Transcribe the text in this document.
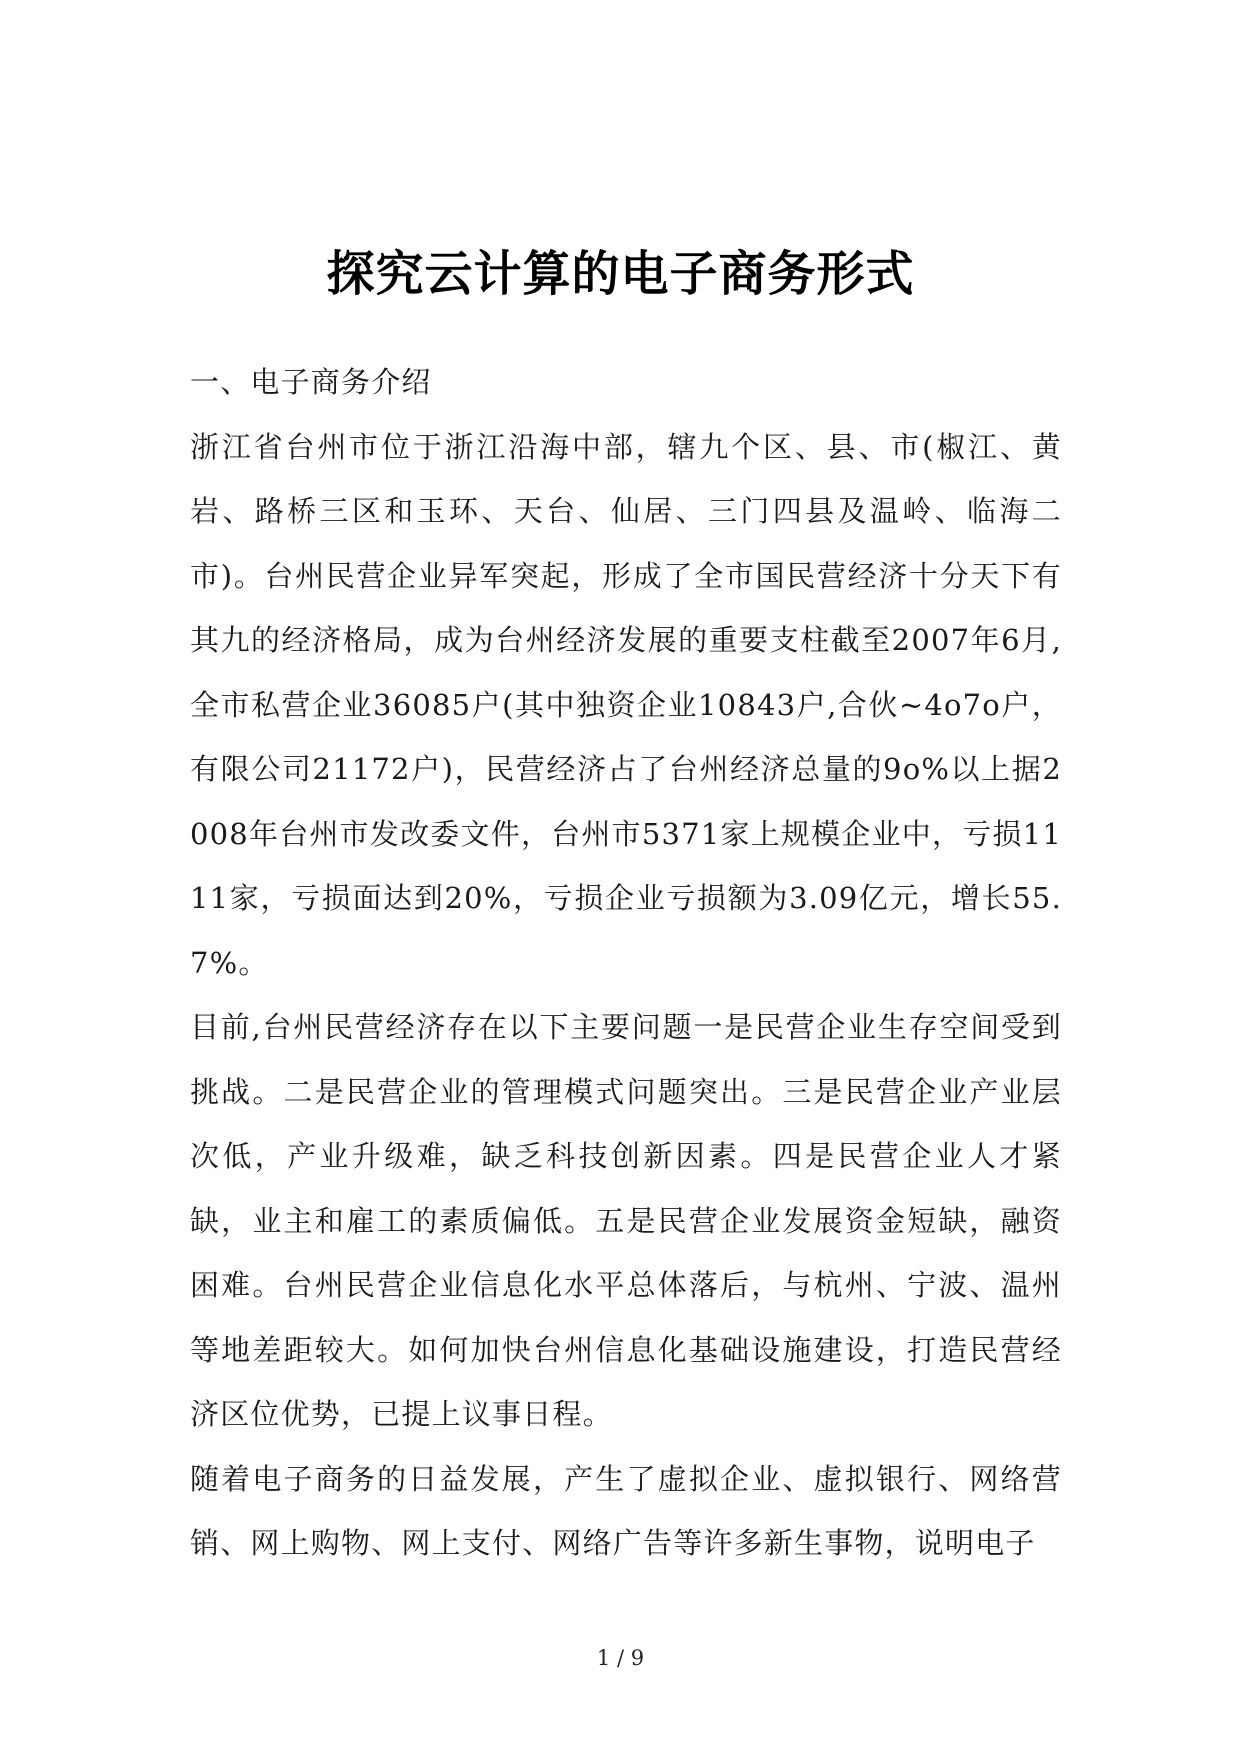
探究云计算的电子商务形式

一、电子商务介绍

浙江省台州市位于浙江沿海中部，辖九个区、县、市(椒江、黄岩、路桥三区和玉环、天台、仙居、三门四县及温岭、临海二市)。台州民营企业异军突起，形成了全市国民营经济十分天下有其九的经济格局，成为台州经济发展的重要支柱截至2007年6月,全市私营企业36085户(其中独资企业10843户,合伙~4o7o户，有限公司21172户)，民营经济占了台州经济总量的9o%以上据2008年台州市发改委文件，台州市5371家上规模企业中，亏损1111家，亏损面达到20%，亏损企业亏损额为3.09亿元，增长55.7%。

目前,台州民营经济存在以下主要问题一是民营企业生存空间受到挑战。二是民营企业的管理模式问题突出。三是民营企业产业层次低，产业升级难，缺乏科技创新因素。四是民营企业人才紧缺，业主和雇工的素质偏低。五是民营企业发展资金短缺，融资困难。台州民营企业信息化水平总体落后，与杭州、宁波、温州等地差距较大。如何加快台州信息化基础设施建设，打造民营经济区位优势，已提上议事日程。

随着电子商务的日益发展，产生了虚拟企业、虚拟银行、网络营销、网上购物、网上支付、网络广告等许多新生事物，说明电子

1 / 9
